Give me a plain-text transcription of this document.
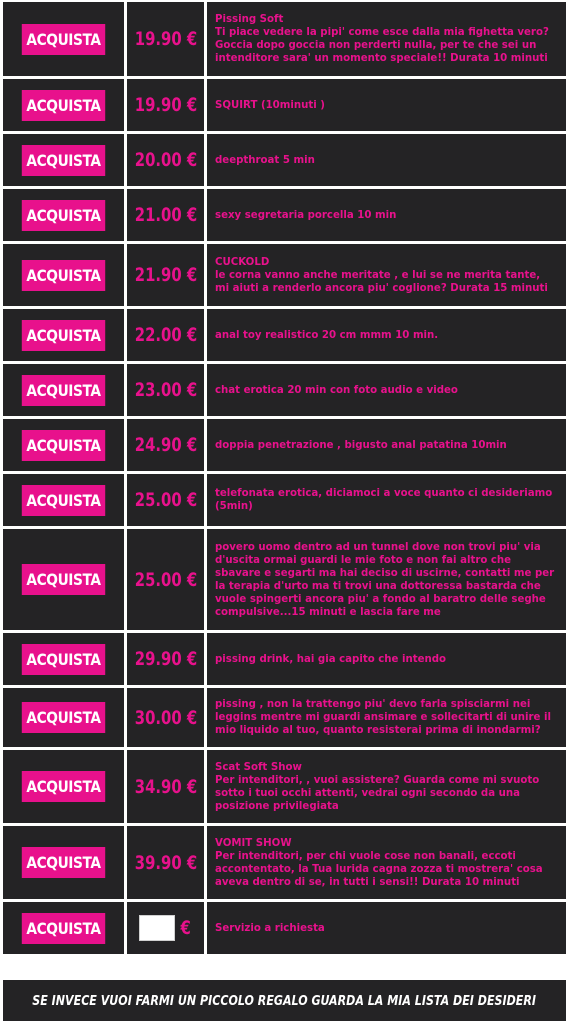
ACQUISTA 19.90 €
Pissing Soft
Ti piace vedere la pipi' come esce dalla mia fighetta vero? Goccia dopo goccia non perderti nulla, per te che sei un intenditore sara' un momento speciale!! Durata 10 minuti
ACQUISTA 19.90 € SQUIRT (10minuti )
ACQUISTA 20.00 € deepthroat 5 min
ACQUISTA 21.00 € sexy segretaria porcella 10 min
ACQUISTA 21.90 €
CUCKOLD
le corna vanno anche meritate , e lui se ne merita tante, mi aiuti a renderlo ancora piu' coglione? Durata 15 minuti
ACQUISTA 22.00 € anal toy realistico 20 cm mmm 10 min.
ACQUISTA 23.00 € chat erotica 20 min con foto audio e video
ACQUISTA 24.90 € doppia penetrazione , bigusto anal patatina 10min
ACQUISTA 25.00 € telefonata erotica, diciamoci a voce quanto ci desideriamo (5min)
ACQUISTA 25.00 €
povero uomo dentro ad un tunnel dove non trovi piu' via d'uscita ormai guardi le mie foto e non fai altro che sbavare e segarti ma hai deciso di uscirne, contatti me per la terapia d'urto ma ti trovi una dottoressa bastarda che vuole spingerti ancora piu' a fondo al baratro delle seghe compulsive...15 minuti e lascia fare me
ACQUISTA 29.90 € pissing drink, hai gia capito che intendo
ACQUISTA 30.00 €
pissing , non la trattengo piu' devo farla spisciarmi nei leggins mentre mi guardi ansimare e sollecitarti di unire il mio liquido al tuo, quanto resisterai prima di inondarmi?
ACQUISTA 34.90 €
Scat Soft Show
Per intenditori, , vuoi assistere? Guarda come mi svuoto sotto i tuoi occhi attenti, vedrai ogni secondo da una posizione privilegiata
ACQUISTA 39.90 €
VOMIT SHOW
Per intenditori, per chi vuole cose non banali, eccoti accontentato, la Tua lurida cagna zozza ti mostrera' cosa aveva dentro di se, in tutti i sensi!! Durata 10 minuti
ACQUISTA	€ Servizio a richiesta
SE INVECE VUOI FARMI UN PICCOLO REGALO GUARDA LA MIA LISTA DEI DESIDERI
